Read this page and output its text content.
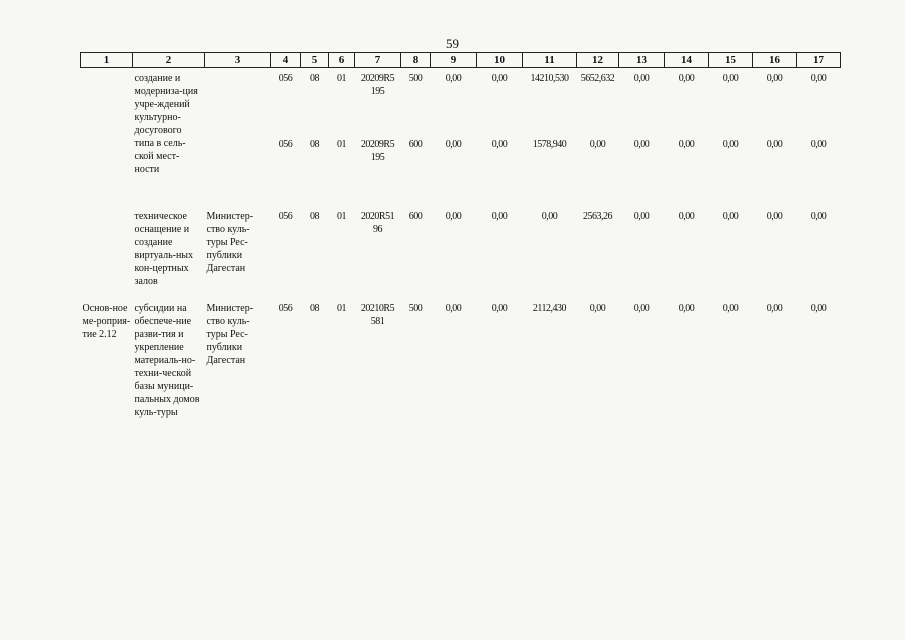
59
1	2	3	4	5	6	7	8	9	10	11	12	13	14	15	16	17

	создание и модерниза-ция учре-ждений культурно-досугового типа в сель-ской мест-ности		056	08	01	20209R5 195	500	0,00	0,00	14210,530	5652,632	0,00	0,00	0,00	0,00	0,00
			056	08	01	20209R5 195	600	0,00	0,00	1578,940	0,00	0,00	0,00	0,00	0,00	0,00
	техническое оснащение и создание виртуаль-ных кон-цертных залов	Министер-ство куль-туры Рес-публики Дагестан	056	08	01	2020R51 96	600	0,00	0,00	0,00	2563,26	0,00	0,00	0,00	0,00	0,00
Основ-ное ме-роприя-тие 2.12	субсидии на обеспече-ние разви-тия и укрепление материаль-но-техни-ческой базы муници-пальных домов куль-туры	Министер-ство куль-туры Рес-публики Дагестан	056	08	01	20210R5 581	500	0,00	0,00	2112,430	0,00	0,00	0,00	0,00	0,00	0,00
